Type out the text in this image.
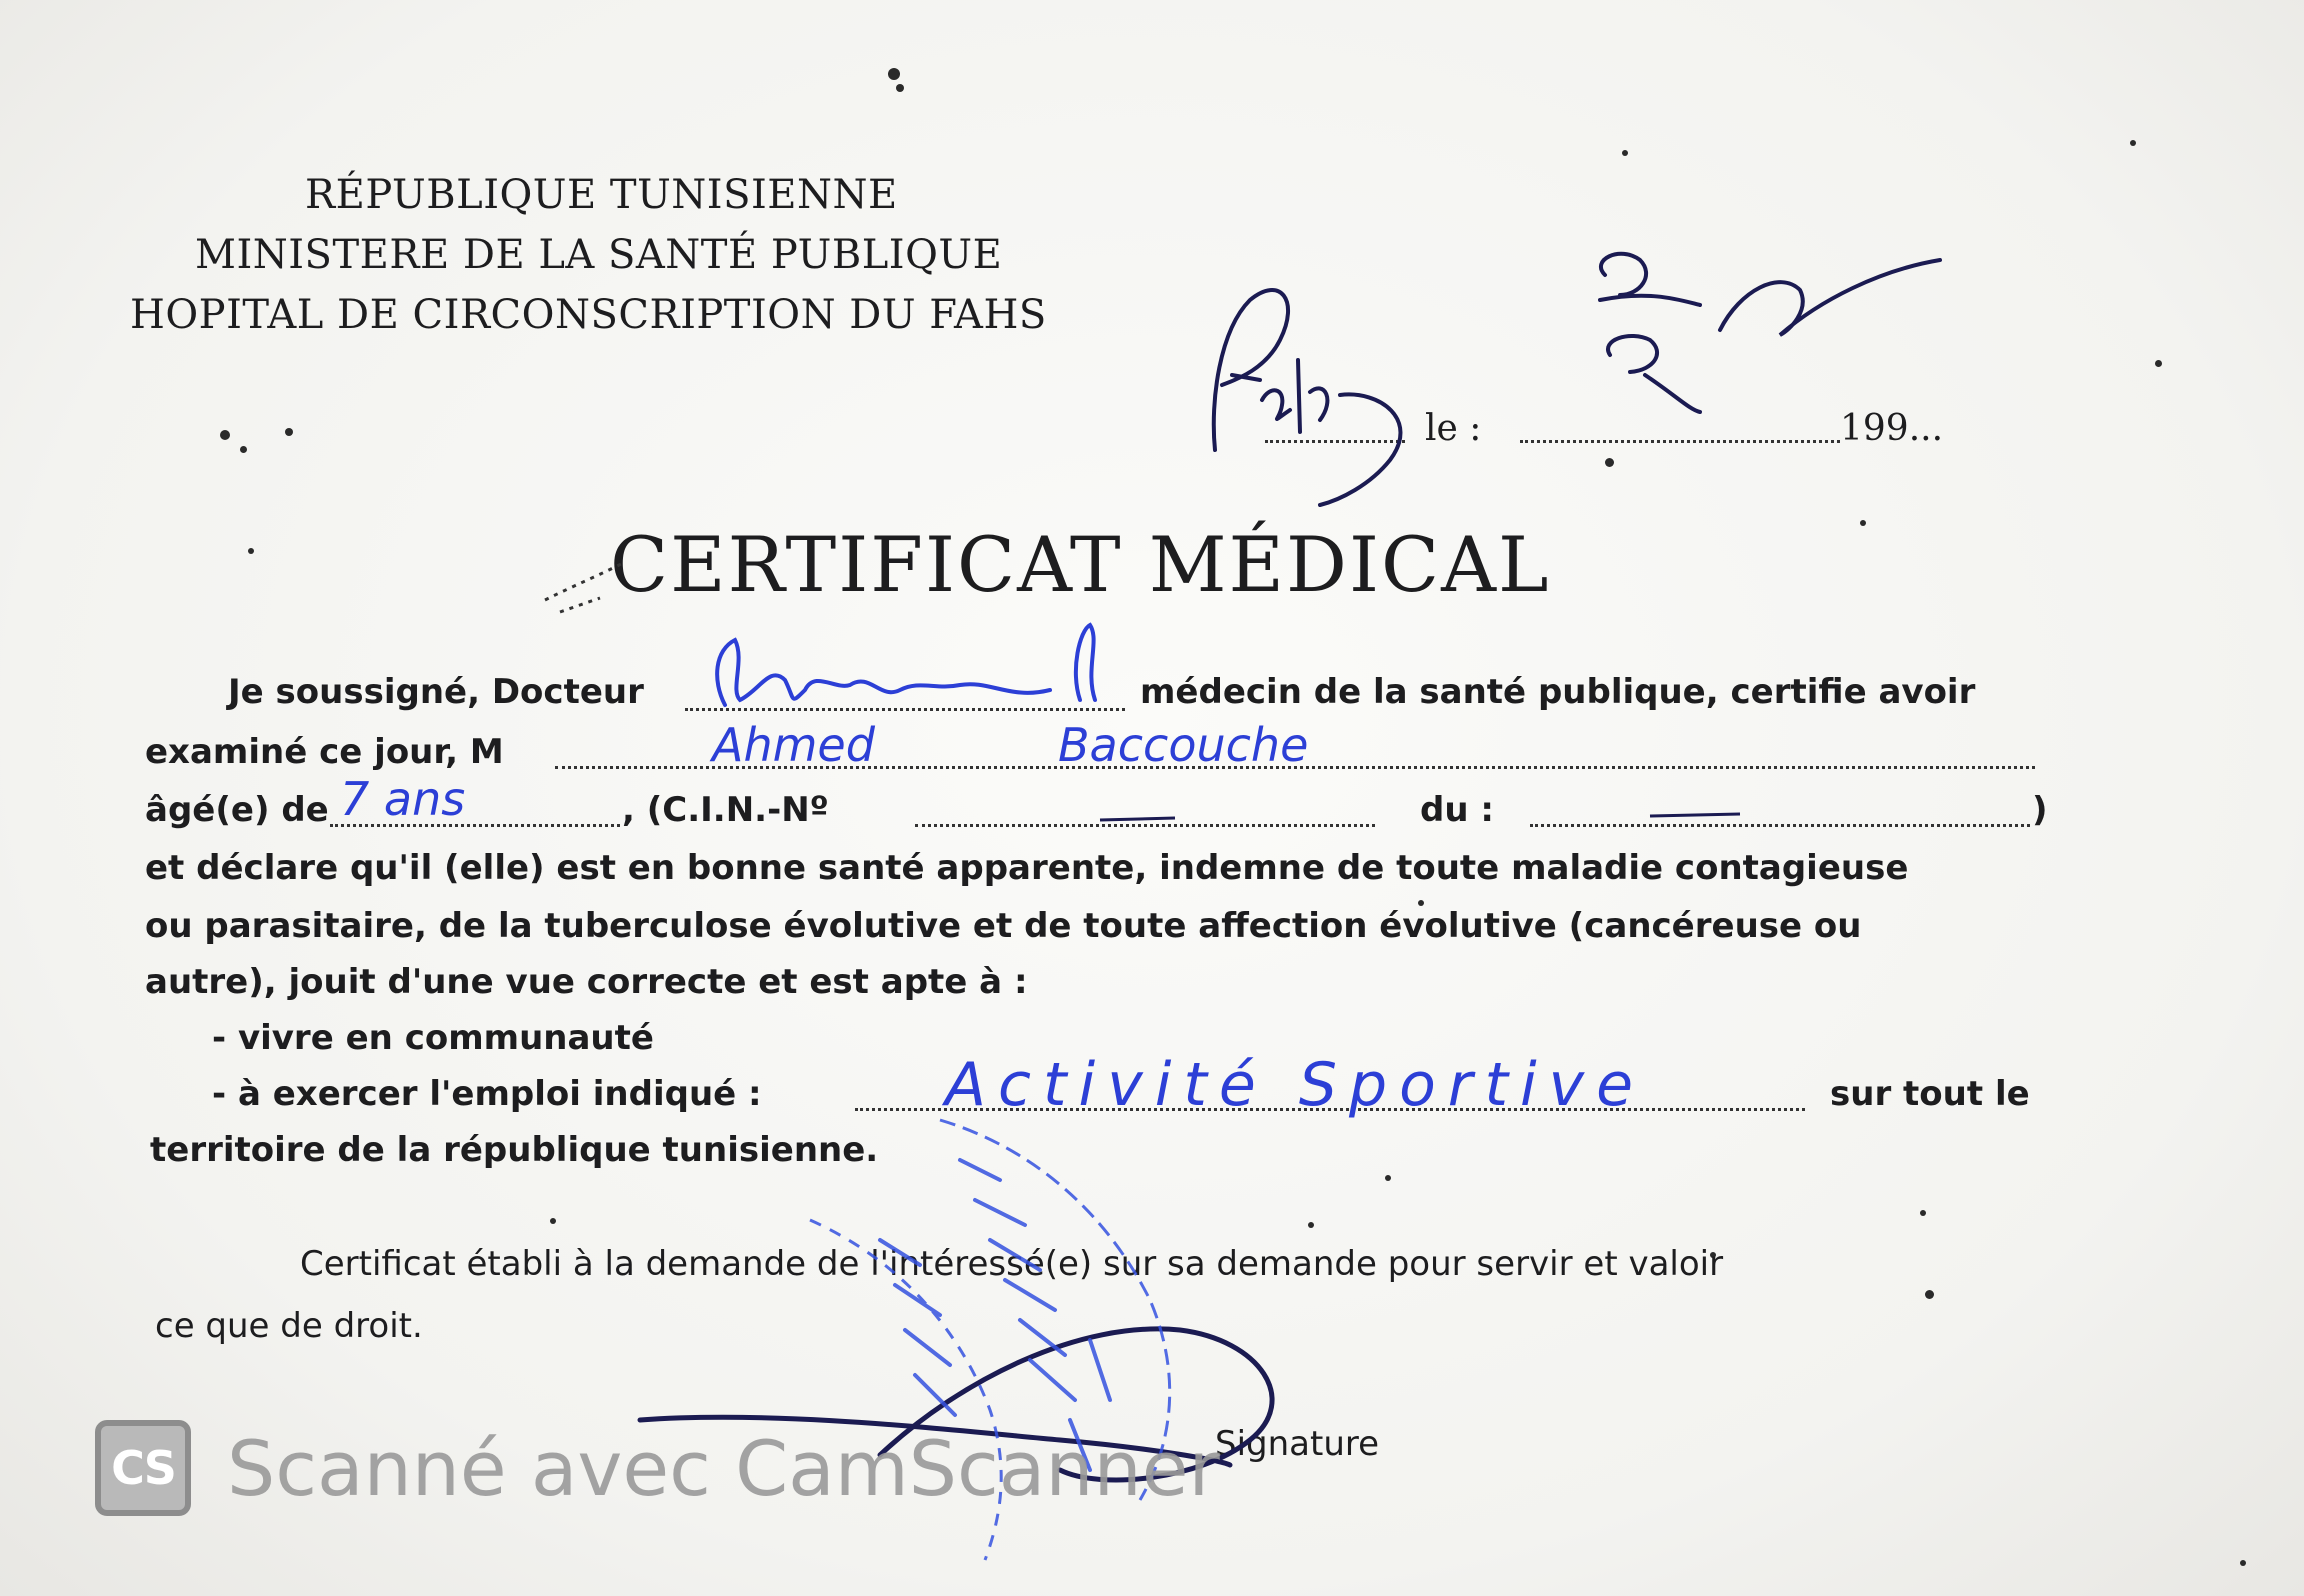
RÉPUBLIQUE TUNISIENNE
MINISTERE DE LA SANTÉ PUBLIQUE
HOPITAL DE CIRCONSCRIPTION DU FAHS
le :	199...
CERTIFICAT MÉDICAL
Je soussigné, Docteur	médecin de la santé publique, certifie avoir
examiné ce jour, M	Ahmed	Baccouche
âgé(e) de 7 ans	, (C.I.N.-Nº	du :	)
et déclare qu'il (elle) est en bonne santé apparente, indemne de toute maladie contagieuse
ou parasitaire, de la tuberculose évolutive et de toute affection évolutive (cancéreuse ou
autre), jouit d'une vue correcte et est apte à :
- vivre en communauté
- à exercer l'emploi indiqué :	Activité Sportive	sur tout le
territoire de la république tunisienne.
Certificat établi à la demande de l'intéressé(e) sur sa demande pour servir et valoir
ce que de droit.
Signature
CS Scanné avec CamScanner
